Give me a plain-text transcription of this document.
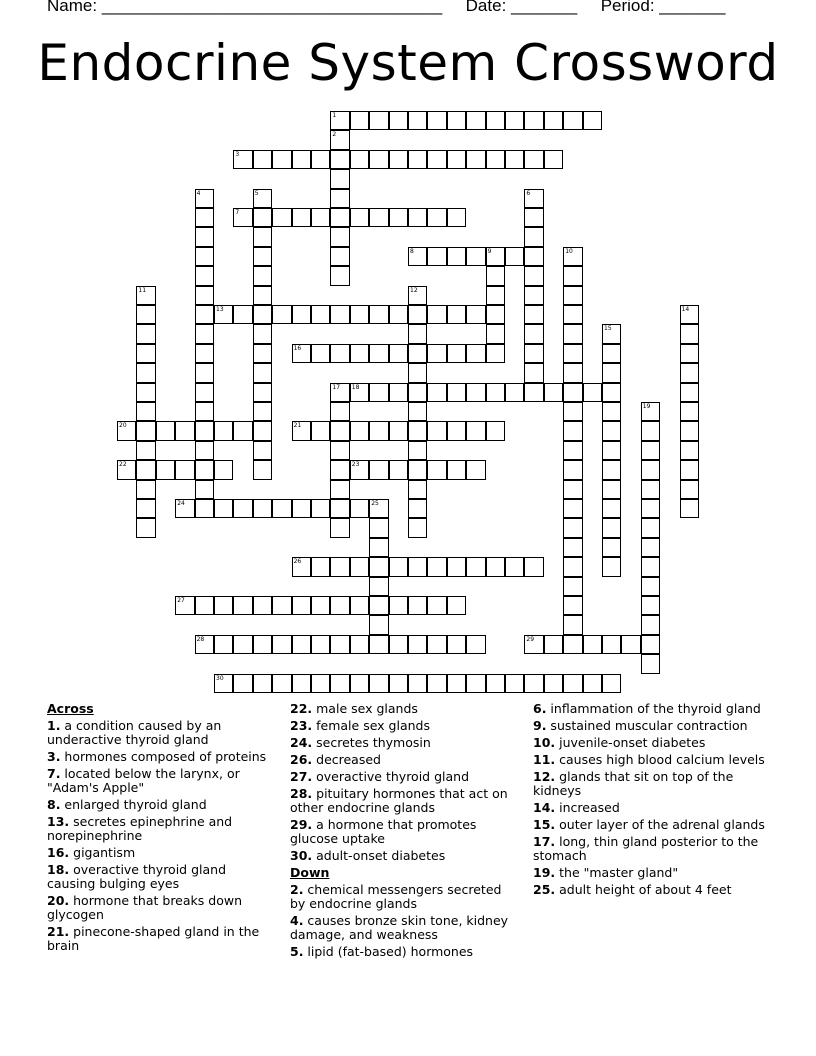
Name: ____________________________________ Date: _______ Period: _______
Endocrine System Crossword
1
3
7
8	9
13
16
18
20	21
22	23
24	25
26
27
28	29
30
2
4	5	6
10
11	12
14
15
17
19
Across
1. a condition caused by an underactive thyroid gland
3. hormones composed of proteins
7. located below the larynx, or "Adam's Apple"
8. enlarged thyroid gland
13. secretes epinephrine and norepinephrine
16. gigantism
18. overactive thyroid gland causing bulging eyes
20. hormone that breaks down glycogen
21. pinecone-shaped gland in the brain
22. male sex glands
23. female sex glands
24. secretes thymosin
26. decreased
27. overactive thyroid gland
28. pituitary hormones that act on other endocrine glands
29. a hormone that promotes glucose uptake
30. adult-onset diabetes
Down
2. chemical messengers secreted by endocrine glands
4. causes bronze skin tone, kidney damage, and weakness
5. lipid (fat-based) hormones
6. inflammation of the thyroid gland
9. sustained muscular contraction
10. juvenile-onset diabetes
11. causes high blood calcium levels
12. glands that sit on top of the kidneys
14. increased
15. outer layer of the adrenal glands
17. long, thin gland posterior to the stomach
19. the "master gland"
25. adult height of about 4 feet
